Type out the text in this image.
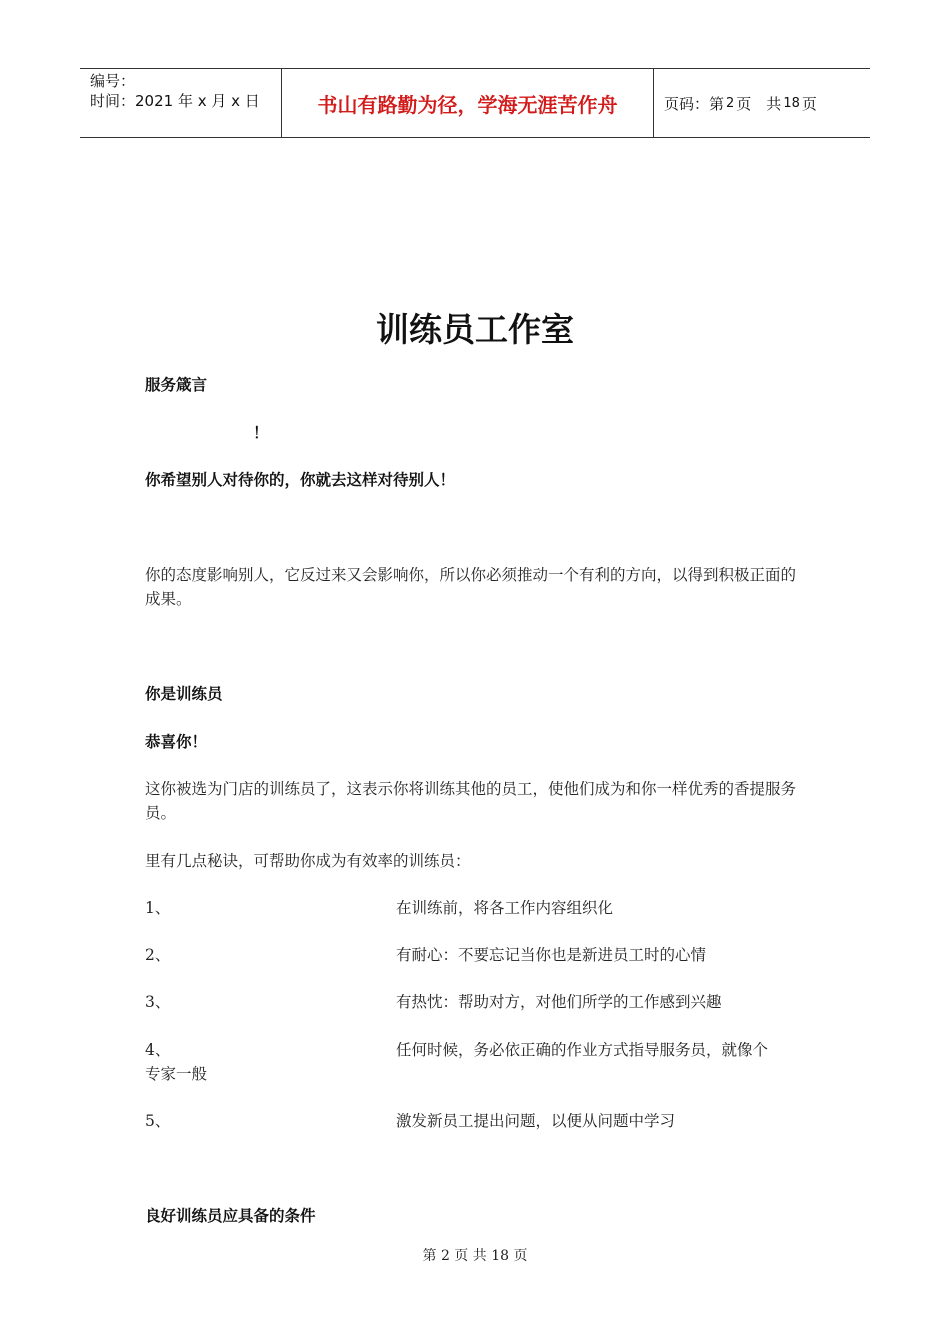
编号：
时间：2021 年 x 月 x 日	书山有路勤为径，学海无涯苦作舟	页码：第 2 页　共 18 页
训练员工作室

服务箴言

！

你希望别人对待你的，你就去这样对待别人！

你的态度影响别人，它反过来又会影响你，所以你必须推动一个有利的方向，以得到积极正面的成果。

你是训练员

恭喜你！

这你被选为门店的训练员了，这表示你将训练其他的员工，使他们成为和你一样优秀的香提服务员。

里有几点秘诀，可帮助你成为有效率的训练员：

1、	在训练前，将各工作内容组织化
2、	有耐心：不要忘记当你也是新进员工时的心情
3、	有热忱：帮助对方，对他们所学的工作感到兴趣
4、	任何时候，务必依正确的作业方式指导服务员，就像个
专家一般
5、	激发新员工提出问题，以便从问题中学习

良好训练员应具备的条件

第 2 页 共 18 页
